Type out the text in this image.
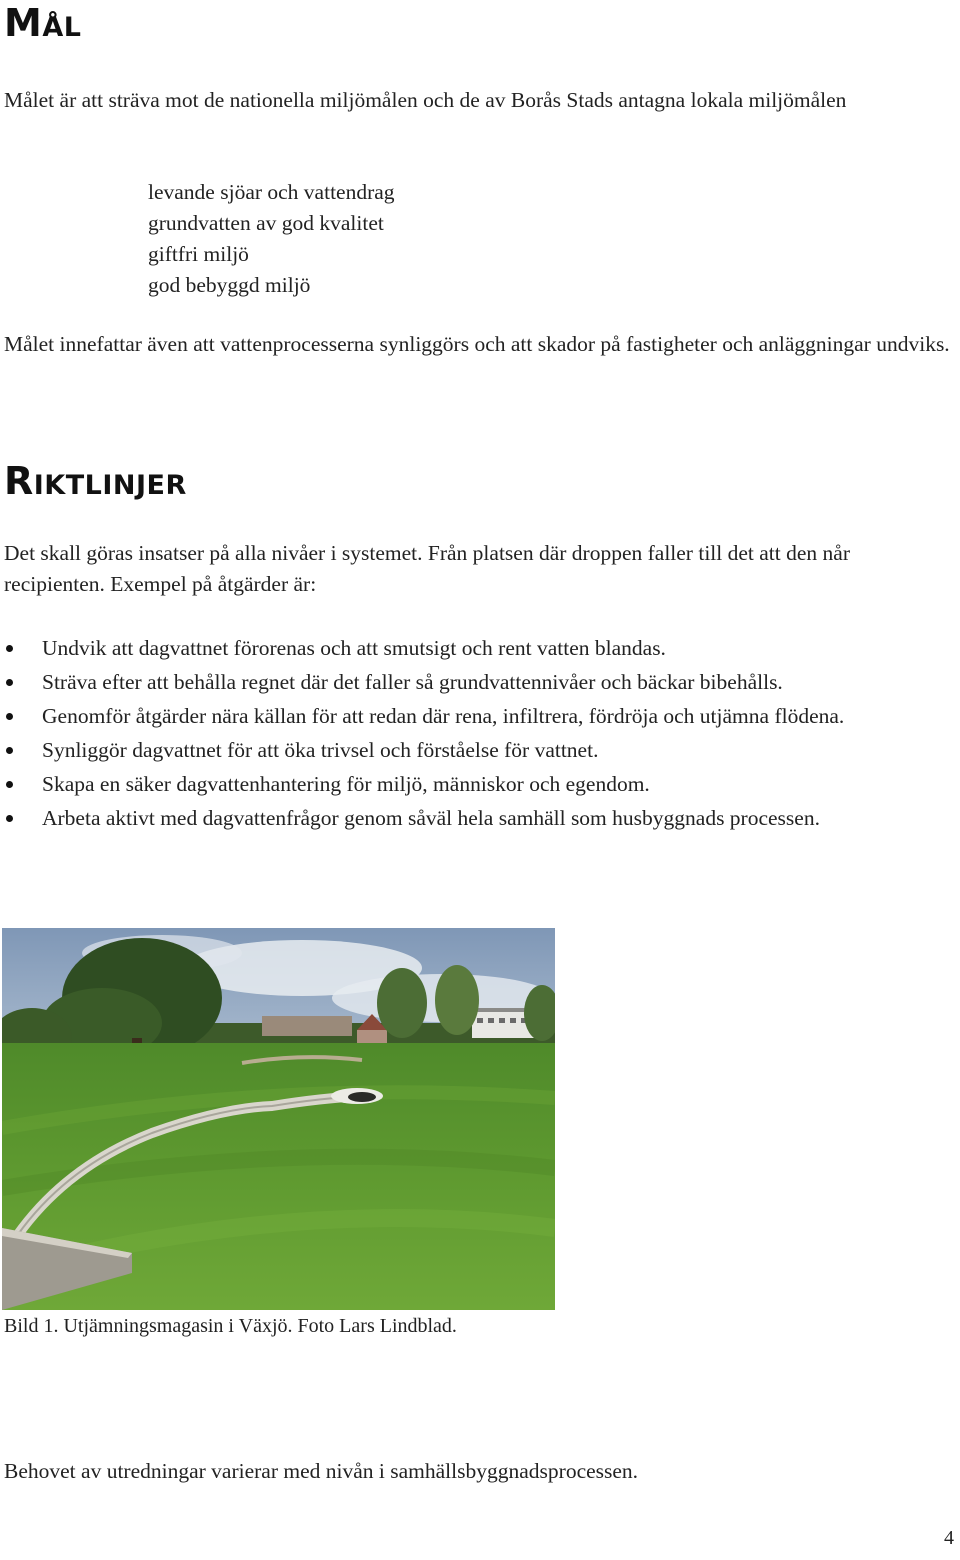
Mål
Målet är att sträva mot de nationella miljömålen och de av Borås Stads antagna lokala miljömålen
levande sjöar och vattendrag
grundvatten av god kvalitet
giftfri miljö
god bebyggd miljö
Målet innefattar även att vattenprocesserna synliggörs och att skador på fastigheter och anläggningar undviks.
Riktlinjer
Det skall göras insatser på alla nivåer i systemet. Från platsen där droppen faller till det att den når recipienten. Exempel på åtgärder är:
Undvik att dagvattnet förorenas och att smutsigt och rent vatten blandas.
Sträva efter att behålla regnet där det faller så grundvattennivåer och bäckar bibehålls.
Genomför åtgärder nära källan för att redan där rena, infiltrera, fördröja och utjämna flödena.
Synliggör dagvattnet för att öka trivsel och förståelse för vattnet.
Skapa en säker dagvattenhantering för miljö, människor och egendom.
Arbeta aktivt med dagvattenfrågor genom såväl hela samhäll som husbyggnads processen.
Bild 1. Utjämningsmagasin i Växjö. Foto Lars Lindblad.
Behovet av utredningar varierar med nivån i samhällsbyggnadsprocessen.
4
